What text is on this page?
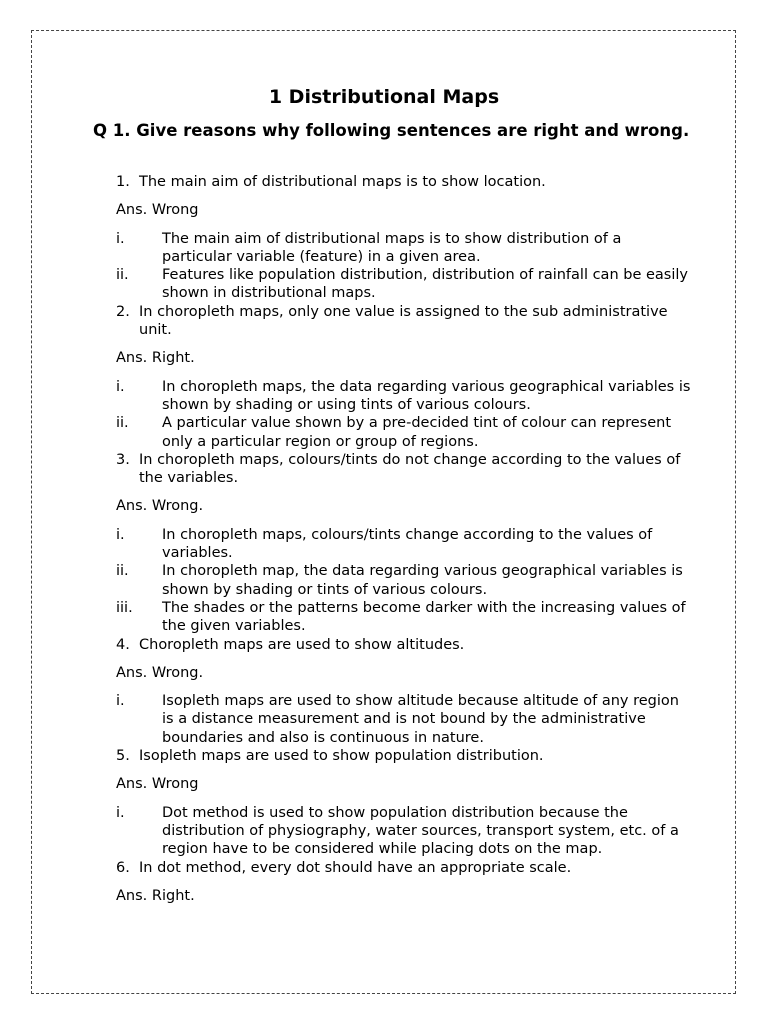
1 Distributional Maps

Q 1. Give reasons why following sentences are right and wrong.

1. The main aim of distributional maps is to show location.
Ans. Wrong
i.	The main aim of distributional maps is to show distribution of a particular variable (feature) in a given area.
ii. Features like population distribution, distribution of rainfall can be easily shown in distributional maps.
2. In choropleth maps, only one value is assigned to the sub administrative unit.
Ans. Right.
i.	In choropleth maps, the data regarding various geographical variables is shown by shading or using tints of various colours.
ii. A particular value shown by a pre-decided tint of colour can represent only a particular region or group of regions.
3. In choropleth maps, colours/tints do not change according to the values of the variables.
Ans. Wrong.
i.	In choropleth maps, colours/tints change according to the values of variables.
ii. In choropleth map, the data regarding various geographical variables is shown by shading or tints of various colours.
iii. The shades or the patterns become darker with the increasing values of the given variables.
4. Choropleth maps are used to show altitudes.
Ans. Wrong.
i.	Isopleth maps are used to show altitude because altitude of any region is a distance measurement and is not bound by the administrative boundaries and also is continuous in nature.
5. Isopleth maps are used to show population distribution.
Ans. Wrong
i.	Dot method is used to show population distribution because the distribution of physiography, water sources, transport system, etc. of a region have to be considered while placing dots on the map.
6. In dot method, every dot should have an appropriate scale.
Ans. Right.
